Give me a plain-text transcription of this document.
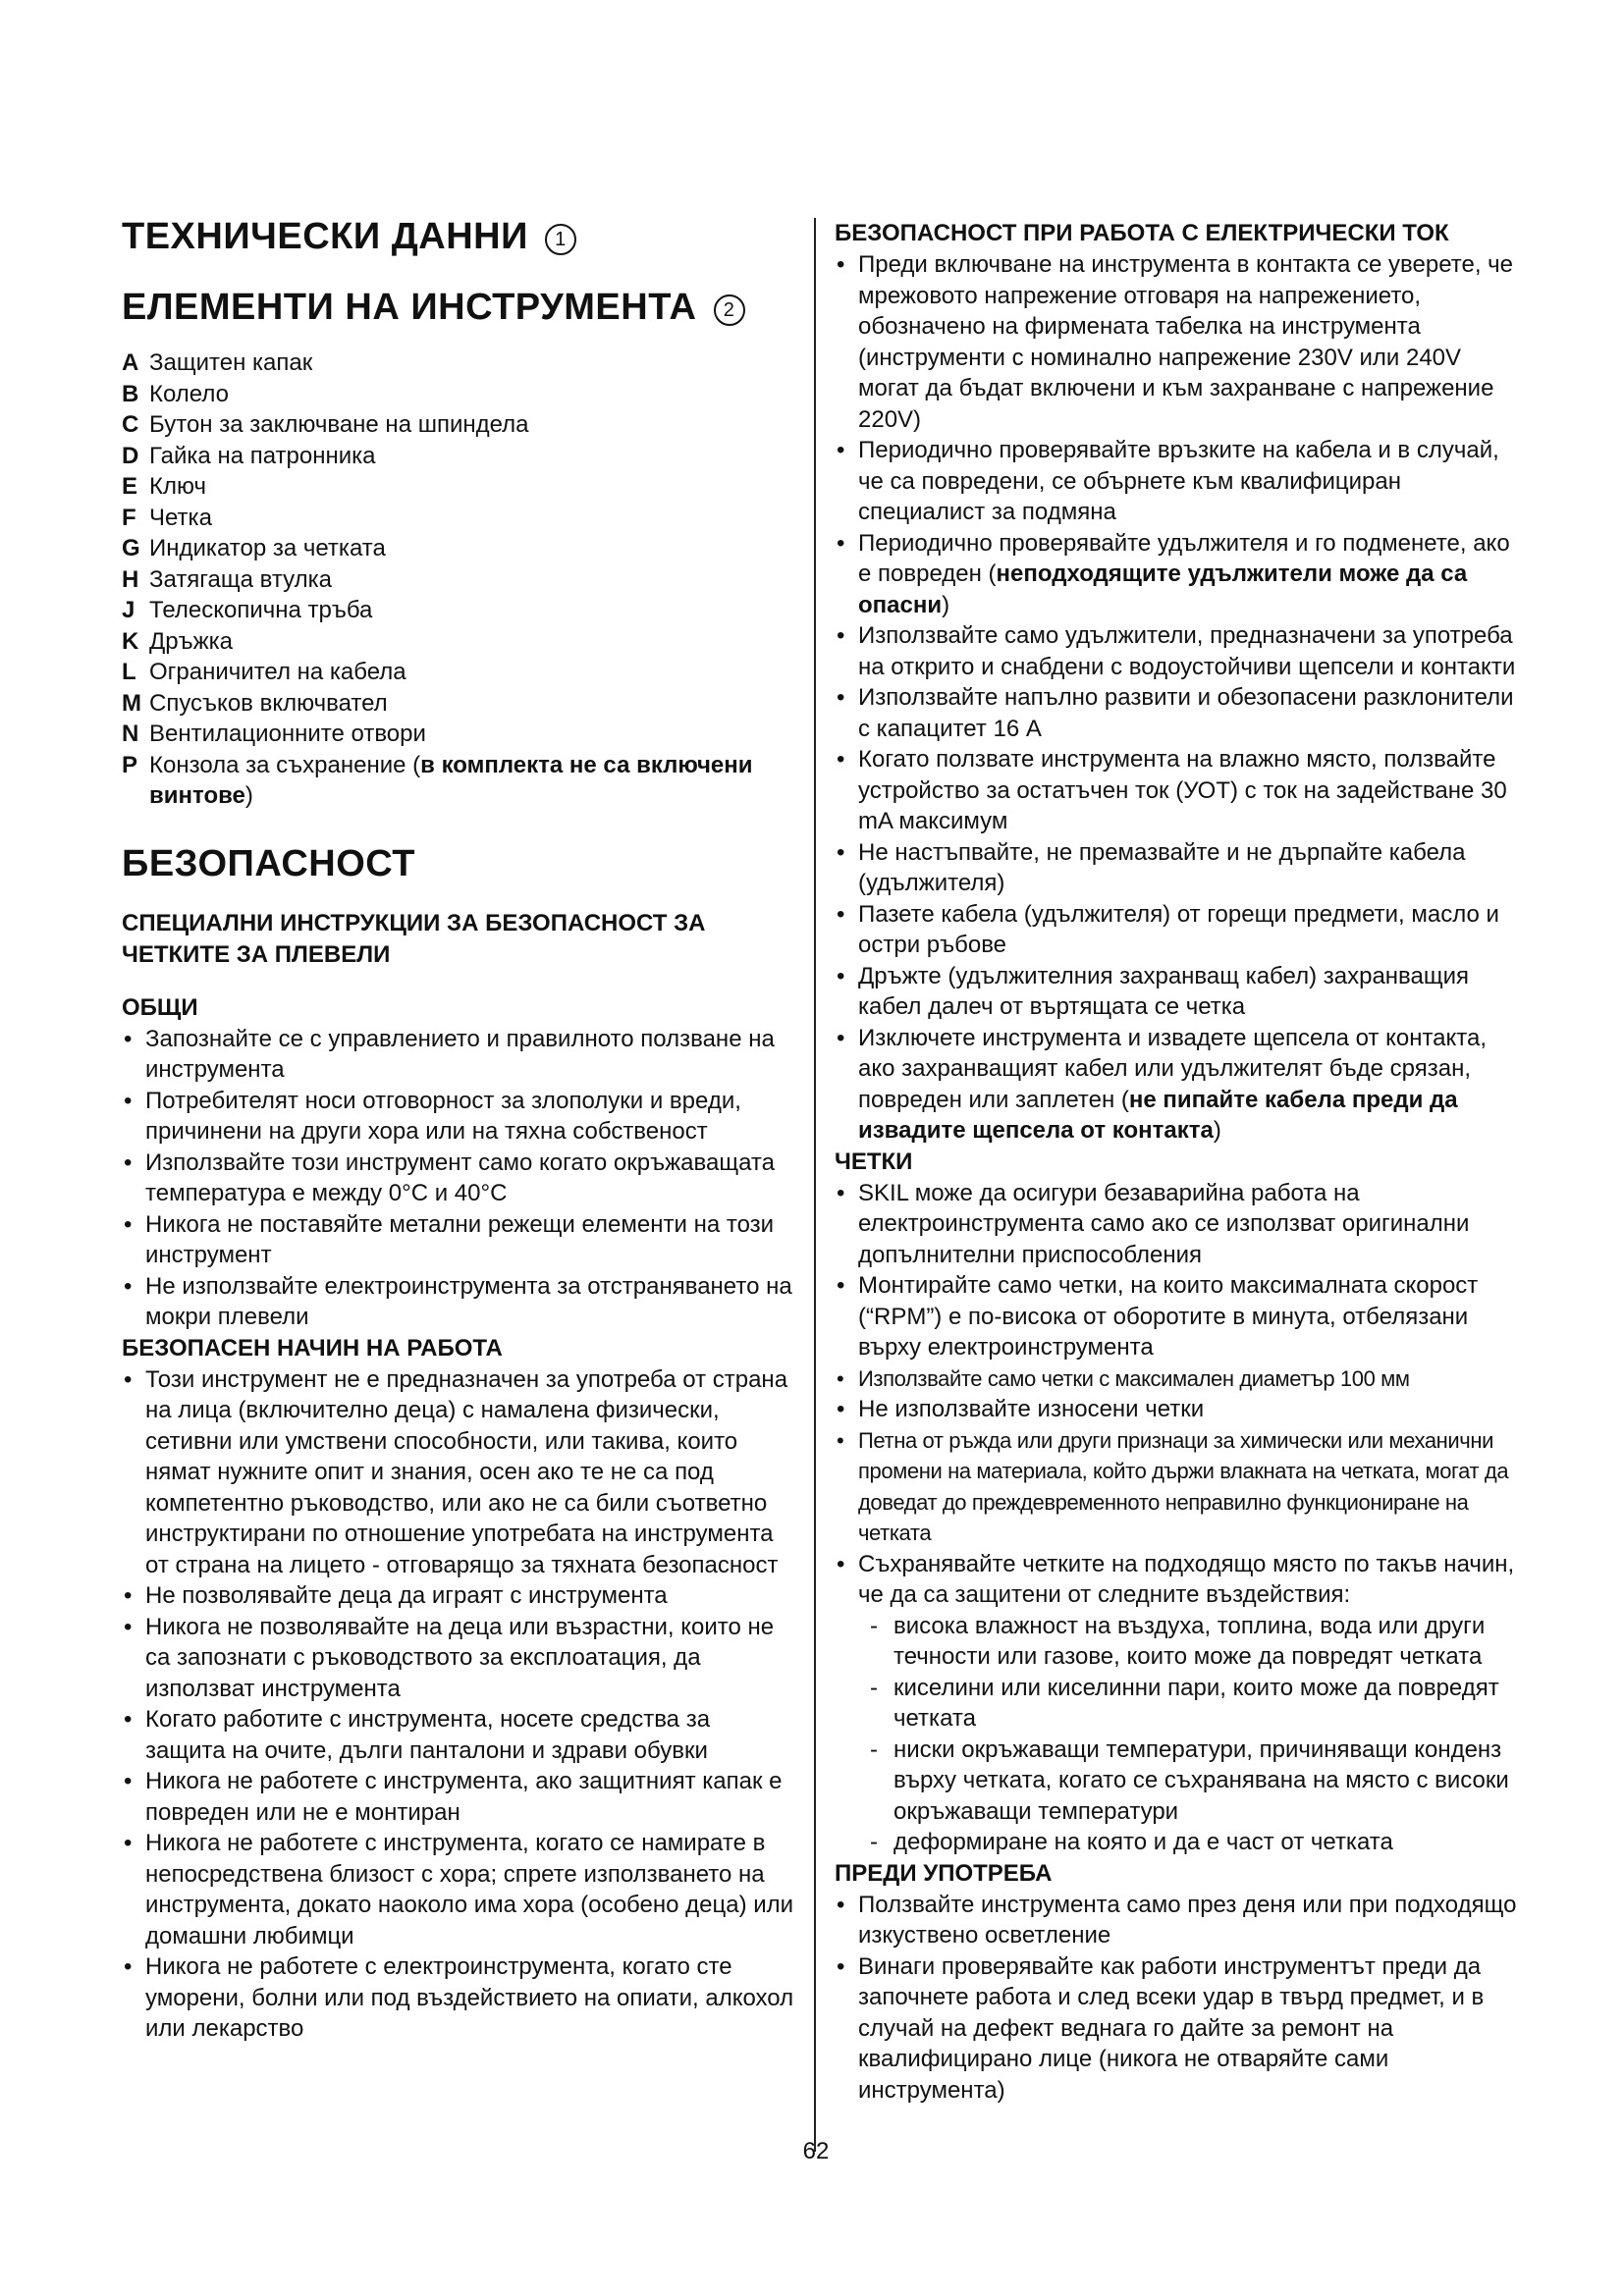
ТЕХНИЧЕСКИ ДАННИ 1
ЕЛЕМЕНТИ НА ИНСТРУМЕНТА 2
A Защитен капак
B Колело
C Бутон за заключване на шпиндела
D Гайка на патронника
E Ключ
F Четка
G Индикатор за четката
H Затягаща втулка
J Телескопична тръба
K Дръжка
L Ограничител на кабела
M Спусъков включвател
N Вентилационните отвори
P Конзола за съхранение (в комплекта не са включени винтове)
БЕЗОПАСНОСТ
СПЕЦИАЛНИ ИНСТРУКЦИИ ЗА БЕЗОПАСНОСТ ЗА ЧЕТКИТЕ ЗА ПЛЕВЕЛИ
ОБЩИ
• Запознайте се с управлението и правилното ползване на инструмента
• Потребителят носи отговорност за злополуки и вреди, причинени на други хора или на тяхна собственост
• Използвайте този инструмент само когато окръжаващата температура е между 0°C и 40°C
• Никога не поставяйте метални режещи елементи на този инструмент
• Не използвайте електроинструмента за отстраняването на мокри плевели
БЕЗОПАСЕН НАЧИН НА РАБОТА
• Този инструмент не е предназначен за употреба от страна на лица (включително деца) с намалена физически, сетивни или умствени способности, или такива, които нямат нужните опит и знания, осен ако те не са под компетентно ръководство, или ако не са били съответно инструктирани по отношение употребата на инструмента от страна на лицето - отговарящо за тяхната безопасност
• Не позволявайте деца да играят с инструмента
• Никога не позволявайте на деца или възрастни, които не са запознати с ръководството за експлоатация, да използват инструмента
• Когато работите с инструмента, носете средства за защита на очите, дълги панталони и здрави обувки
• Никога не работете с инструмента, ако защитният капак е повреден или не е монтиран
• Никога не работете с инструмента, когато се намирате в непосредствена близост с хора; спрете използването на инструмента, докато наоколо има хора (особено деца) или домашни любимци
• Никога не работете с електроинструмента, когато сте уморени, болни или под въздействието на опиати, алкохол или лекарство
БЕЗОПАСНОСТ ПРИ РАБОТА С ЕЛЕКТРИЧЕСКИ ТОК
• Преди включване на инструмента в контакта се уверете, че мрежовото напрежение отговаря на напрежението, обозначено на фирмената табелка на инструмента (инструменти с номинално напрежение 230V или 240V могат да бъдат включени и към захранване с напрежение 220V)
• Периодично проверявайте връзките на кабела и в случай, че са повредени, се обърнете към квалифициран специалист за подмяна
• Периодично проверявайте удължителя и го подменете, ако е повреден (неподходящите удължители може да са опасни)
• Използвайте само удължители, предназначени за употреба на открито и снабдени с водоустойчиви щепсели и контакти
• Използвайте напълно развити и обезопасени разклонители с капацитет 16 A
• Когато ползвате инструмента на влажно място, ползвайте устройство за остатъчен ток (УОТ) с ток на задействане 30 mA максимум
• Не настъпвайте, не премазвайте и не дърпайте кабела (удължителя)
• Пазете кабела (удължителя) от горещи предмети, масло и остри ръбове
• Дръжте (удължителния захранващ кабел) захранващия кабел далеч от въртящата се четка
• Изключете инструмента и извадете щепсела от контакта, ако захранващият кабел или удължителят бъде срязан, повреден или заплетен (не пипайте кабела преди да извадите щепсела от контакта)
ЧЕТКИ
• SKIL може да осигури безаварийна работа на електроинструмента само ако се използват оригинални допълнителни приспособления
• Монтирайте само четки, на които максималната скорост (“RPM”) е по-висока от оборотите в минута, отбелязани върху електроинструмента
• Използвайте само четки с максимален диаметър 100 мм
• Не използвайте износени четки
• Петна от ръжда или други признаци за химически или механични промени на материала, който държи влакната на четката, могат да доведат до преждевременното неправилно функциониране на четката
• Съхранявайте четките на подходящо място по такъв начин, че да са защитени от следните въздействия:
- висока влажност на въздуха, топлина, вода или други течности или газове, които може да повредят четката
- киселини или киселинни пари, които може да повредят четката
- ниски окръжаващи температури, причиняващи конденз върху четката, когато се съхранявана на място с високи окръжаващи температури
- деформиране на която и да е част от четката
ПРЕДИ УПОТРЕБА
• Ползвайте инструмента само през деня или при подходящо изкуствено осветление
• Винаги проверявайте как работи инструментът преди да започнете работа и след всеки удар в твърд предмет, и в случай на дефект веднага го дайте за ремонт на квалифицирано лице (никога не отваряйте сами инструмента)
62
